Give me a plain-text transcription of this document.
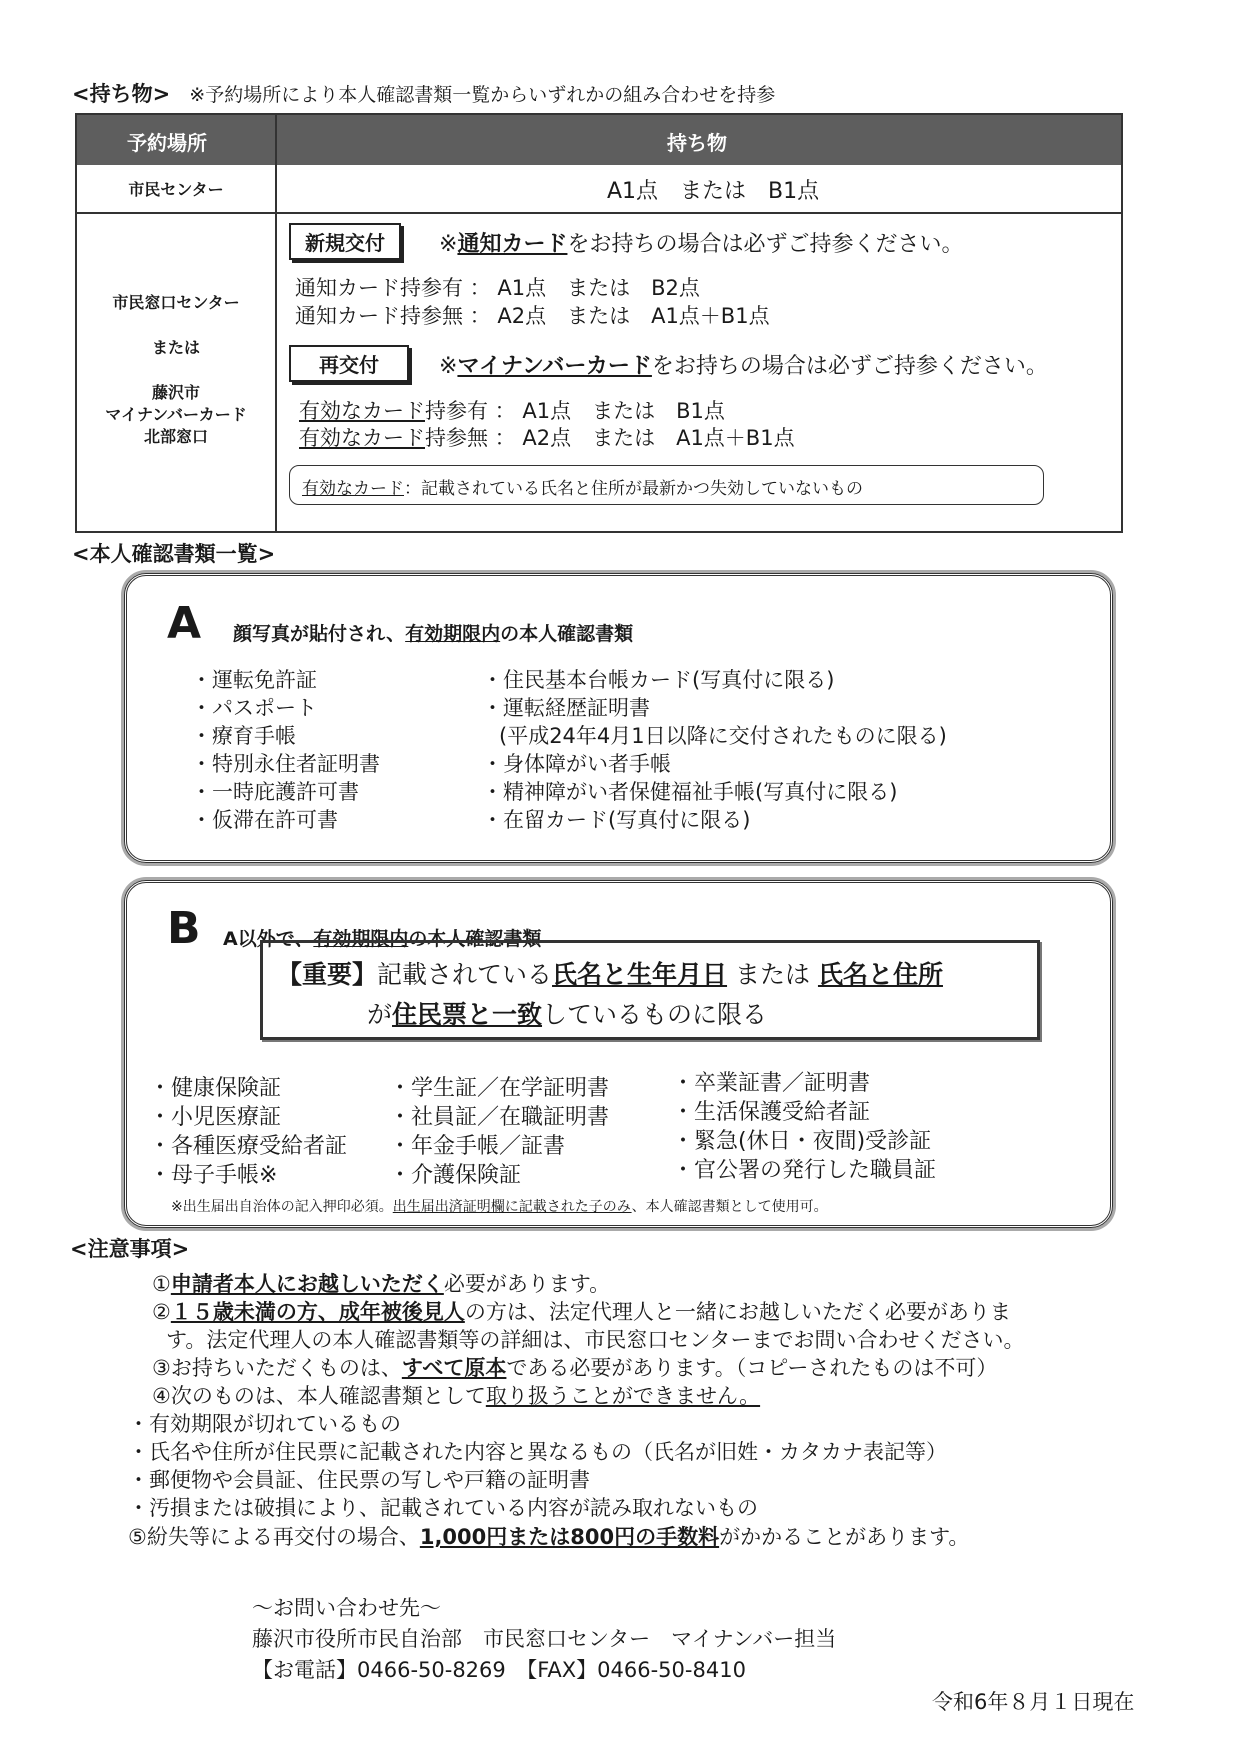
<持ち物> ※予約場所により本人確認書類一覧からいずれかの組み合わせを持参
予約場所	持ち物
市民センター	A1点　または　B1点
市民窓口センター
または
藤沢市
マイナンバーカード
北部窓口
新規交付	※通知カードをお持ちの場合は必ずご持参ください。
通知カード持参有 ： A1点　または　B2点
通知カード持参無 ： A2点　または　A1点＋B1点
再交付	※マイナンバーカードをお持ちの場合は必ずご持参ください。
有効なカード持参有 ： A1点　または　B1点
有効なカード持参無 ： A2点　または　A1点＋B1点
有効なカード：記載されている氏名と住所が最新かつ失効していないもの
<本人確認書類一覧>
A 顔写真が貼付され、有効期限内の本人確認書類
・運転免許証
・パスポート
・療育手帳
・特別永住者証明書
・一時庇護許可書
・仮滞在許可書
・住民基本台帳カード(写真付に限る)
・運転経歴証明書
(平成24年4月1日以降に交付されたものに限る)
・身体障がい者手帳
・精神障がい者保健福祉手帳(写真付に限る)
・在留カード(写真付に限る)
B A以外で、有効期限内の本人確認書類
・健康保険証
・小児医療証
・各種医療受給者証
・母子手帳※
・学生証／在学証明書
・社員証／在職証明書
・年金手帳／証書
・介護保険証
・卒業証書／証明書
・生活保護受給者証
・緊急(休日・夜間)受診証
・官公署の発行した職員証
※出生届出自治体の記入押印必須。出生届出済証明欄に記載された子のみ、本人確認書類として使用可。
【重要】記載されている氏名と生年月日 または 氏名と住所
が住民票と一致しているものに限る
<注意事項>
①申請者本人にお越しいただく必要があります。
②１５歳未満の方、成年被後見人の方は、法定代理人と一緒にお越しいただく必要がありま
す。法定代理人の本人確認書類等の詳細は、市民窓口センターまでお問い合わせください。
③お持ちいただくものは、すべて原本である必要があります。（コピーされたものは不可）
④次のものは、本人確認書類として取り扱うことができません。
・有効期限が切れているもの
・氏名や住所が住民票に記載された内容と異なるもの（氏名が旧姓・カタカナ表記等）
・郵便物や会員証、住民票の写しや戸籍の証明書
・汚損または破損により、記載されている内容が読み取れないもの
⑤紛失等による再交付の場合、1,000円または800円の手数料がかかることがあります。
～お問い合わせ先～
藤沢市役所市民自治部　市民窓口センター　マイナンバー担当
【お電話】0466-50-8269　【FAX】0466-50-8410
令和6年８月１日現在
